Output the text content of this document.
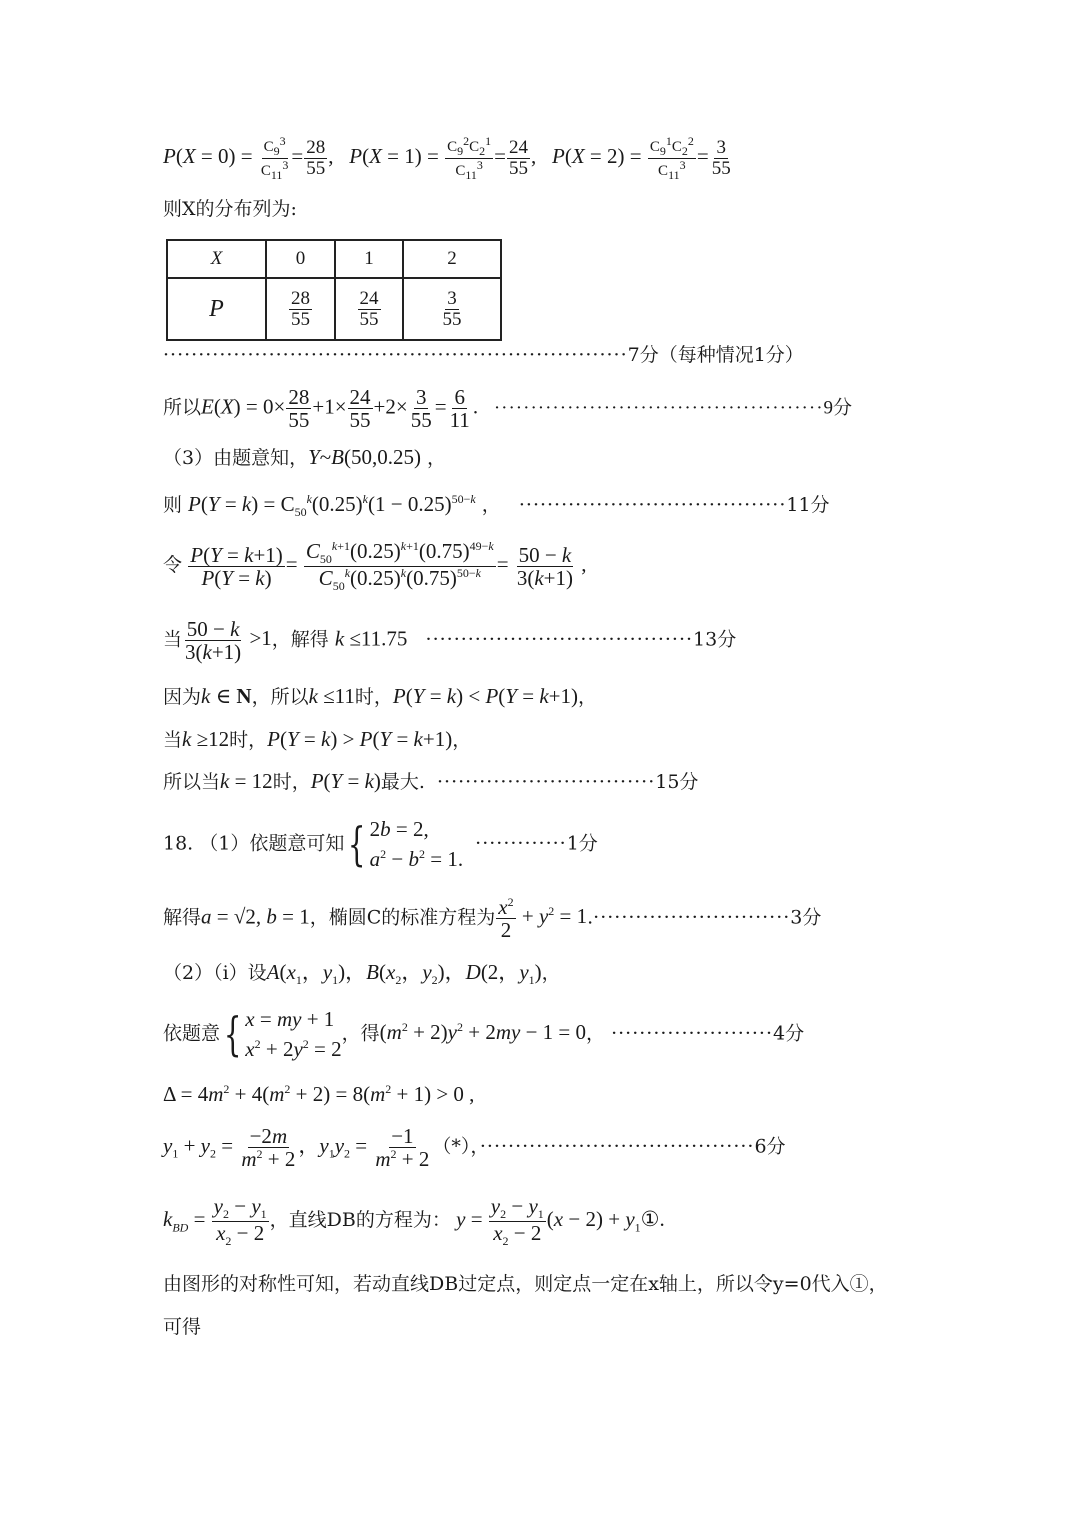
$P(X = 0) = \frac{C_9^3}{C_{11}^3} = \frac{28}{55}$ ,   $P(X = 1) = \frac{C_9^2C_2^1}{C_{11}^3} = \frac{24}{55}$ ,   $P(X = 2) = \frac{C_9^1C_2^2}{C_{11}^3} = \frac{3}{55}$
则X的分布列为:
X	0	1	2
P	$\frac{28}{55}$	$\frac{24}{55}$	$\frac{3}{55}$
··································································7分（每种情况1分）
所以$E(X) = 0\times \frac{28}{55} +1\times \frac{24}{55} +2\times \frac{3}{55} = \frac{6}{11}$ .   ·············································9分
（3）由题意知，Y~B(50,0.25) ，
则 $P(Y = k) = C_{50}^k(0.25)^k(1 - 0.25)^{50-k}$ ，   ······································11分
令 $\frac{P(Y = k+1)}{P(Y = k)} = \frac{C_{50}^{k+1}(0.25)^{k+1}(0.75)^{49-k}}{C_{50}^k(0.25)^k(0.75)^{50-k}} = \frac{50 - k}{3(k+1)}$ ,
当 $\frac{50 - k}{3(k+1)} >1$，解得 k ≤11.75 ······································13分
因为k ∈ N，所以k ≤11时，P(Y = k) < P(Y = k+1)，
当k ≥12时，P(Y = k) > P(Y = k+1)，
所以当k = 12时，P(Y = k)最大.  ·······························15分
18. （1）依题意可知{ 2b = 2,
$a^2 - b^2 = 1$.
·············1分
解得a = √2, b = 1，椭圆C的标准方程为 $\frac{x^2}{2} + y^2 = 1.\cdot\cdot\cdot\cdot\cdot\cdot\cdot\cdot\cdot\cdot\cdot\cdot\cdot\cdot\cdot\cdot\cdot\cdot\cdot\cdot\cdot\cdot\cdot\cdot\cdot\cdot\cdot\cdot 3$分
（2）（ⅰ）设$A(x_1$，$y_1$)，$B(x_2$，$y_2$)，D(2，$y_1$)，
依题意{ x = my + 1
$x^2 + 2y^2 = 2$
，得$(m^2 + 2)y^2 + 2my - 1 = 0$， ·······················4分
$\Delta = 4m^2 + 4(m^2 + 2) = 8(m^2 + 1) > 0$ ,
$y_1 + y_2 = \frac{-2m}{m^2 + 2}$ ，$y_1y_2 = \frac{-1}{m^2 + 2}$ （*），·······································6分
$k_{BD} = \frac{y_2 - y_1}{x_2 - 2}$ ，直线DB的方程为： $y = \frac{y_2 - y_1}{x_2 - 2} (x - 2)$ + $y_1①$.
由图形的对称性可知，若动直线DB过定点，则定点一定在x轴上，所以令y=0代入①，
可得
